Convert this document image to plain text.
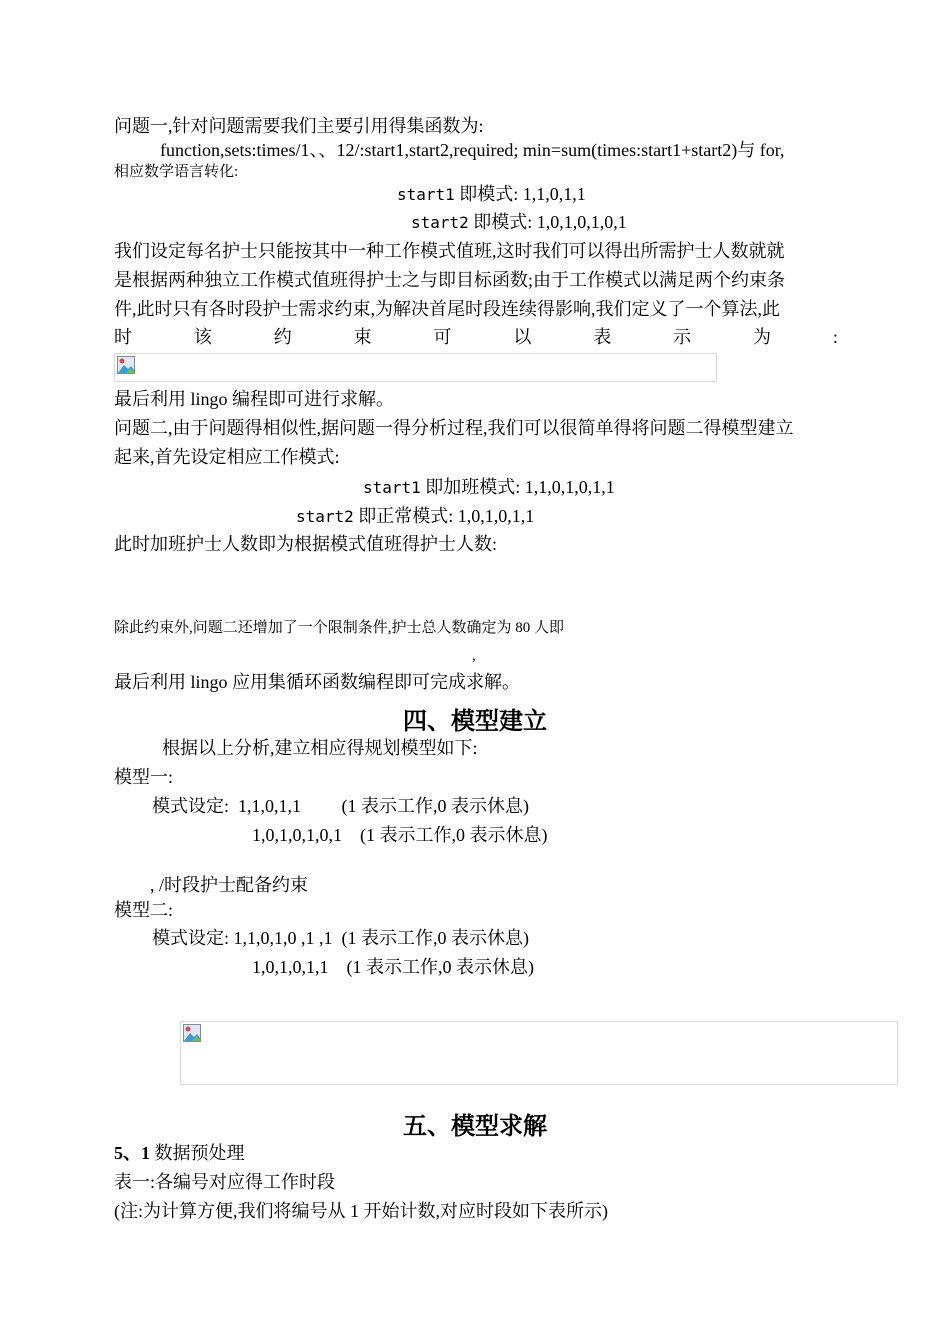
问题一,针对问题需要我们主要引用得集函数为:
function,sets:times/1、、12/:start1,start2,required; min=sum(times:start1+start2)与 for,
相应数学语言转化:
start1 即模式: 1,1,0,1,1
start2 即模式: 1,0,1,0,1,0,1
我们设定每名护士只能按其中一种工作模式值班,这时我们可以得出所需护士人数就就
是根据两种独立工作模式值班得护士之与即目标函数;由于工作模式以满足两个约束条
件,此时只有各时段护士需求约束,为解决首尾时段连续得影响,我们定义了一个算法,此
时	该	约	束	可	以	表	示	为	:
最后利用 lingo 编程即可进行求解。
问题二,由于问题得相似性,据问题一得分析过程,我们可以很简单得将问题二得模型建立
起来,首先设定相应工作模式:
start1 即加班模式: 1,1,0,1,0,1,1
start2 即正常模式: 1,0,1,0,1,1
此时加班护士人数即为根据模式值班得护士人数:
除此约束外,问题二还增加了一个限制条件,护士总人数确定为 80 人即
,
最后利用 lingo 应用集循环函数编程即可完成求解。
四、模型建立
根据以上分析,建立相应得规划模型如下:
模型一:
模式设定:  1,1,0,1,1         (1 表示工作,0 表示休息)
1,0,1,0,1,0,1    (1 表示工作,0 表示休息)
, /时段护士配备约束
模型二:
模式设定: 1,1,0,1,0 ,1 ,1  (1 表示工作,0 表示休息)
1,0,1,0,1,1    (1 表示工作,0 表示休息)
五、模型求解
5、1 数据预处理
表一:各编号对应得工作时段
(注:为计算方便,我们将编号从 1 开始计数,对应时段如下表所示)
